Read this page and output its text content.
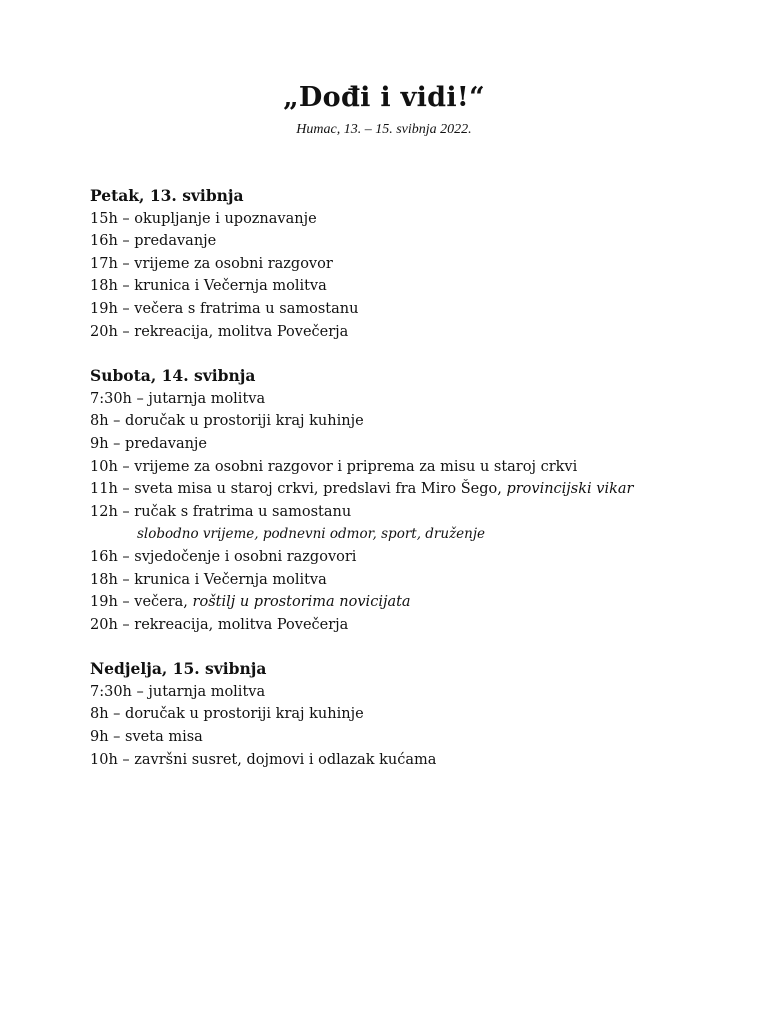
„Dođi i vidi!“

Humac, 13. – 15. svibnja 2022.

Petak, 13. svibnja
15h – okupljanje i upoznavanje
16h – predavanje
17h – vrijeme za osobni razgovor
18h – krunica i Večernja molitva
19h – večera s fratrima u samostanu
20h – rekreacija, molitva Povečerja
Subota, 14. svibnja
7:30h – jutarnja molitva
8h – doručak u prostoriji kraj kuhinje
9h – predavanje
10h – vrijeme za osobni razgovor i priprema za misu u staroj crkvi
11h – sveta misa u staroj crkvi, predslavi fra Miro Šego, provincijski vikar
12h – ručak s fratrima u samostanu
slobodno vrijeme, podnevni odmor, sport, druženje
16h – svjedočenje i osobni razgovori
18h – krunica i Večernja molitva
19h – večera, roštilj u prostorima novicijata
20h – rekreacija, molitva Povečerja
Nedjelja, 15. svibnja
7:30h – jutarnja molitva
8h – doručak u prostoriji kraj kuhinje
9h – sveta misa
10h – završni susret, dojmovi i odlazak kućama
